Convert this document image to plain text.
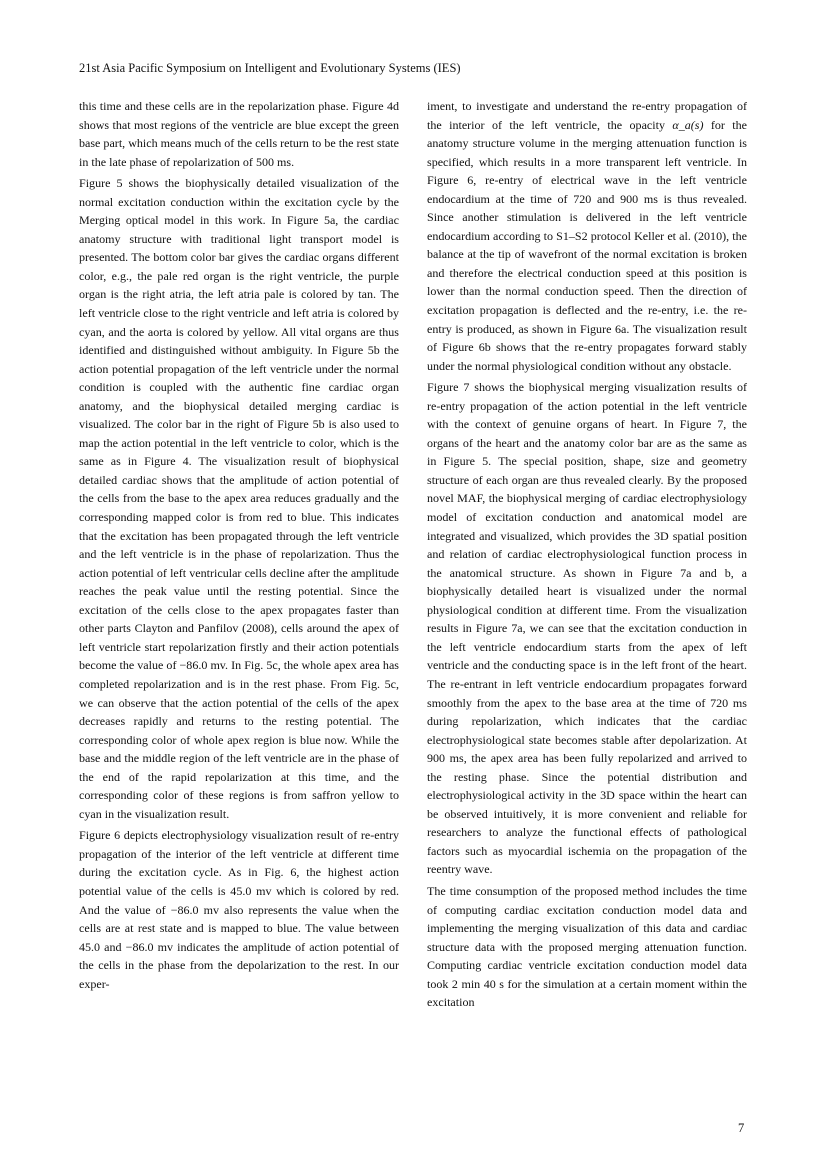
21st Asia Pacific Symposium on Intelligent and Evolutionary Systems (IES)

this time and these cells are in the repolarization phase. Figure 4d shows that most regions of the ventricle are blue except the green base part, which means much of the cells return to be the rest state in the late phase of repolarization of 500 ms.

Figure 5 shows the biophysically detailed visualization of the normal excitation conduction within the excitation cycle by the Merging optical model in this work. In Figure 5a, the cardiac anatomy structure with traditional light transport model is presented. The bottom color bar gives the cardiac organs different color, e.g., the pale red organ is the right ventricle, the purple organ is the right atria, the left atria pale is colored by tan. The left ventricle close to the right ventricle and left atria is colored by cyan, and the aorta is colored by yellow. All vital organs are thus identified and distinguished without ambiguity. In Figure 5b the action potential propagation of the left ventricle under the normal condition is coupled with the authentic fine cardiac organ anatomy, and the biophysical detailed merging cardiac is visualized. The color bar in the right of Figure 5b is also used to map the action potential in the left ventricle to color, which is the same as in Figure 4. The visualization result of biophysical detailed cardiac shows that the amplitude of action potential of the cells from the base to the apex area reduces gradually and the corresponding mapped color is from red to blue. This indicates that the excitation has been propagated through the left ventricle and the left ventricle is in the phase of repolarization. Thus the action potential of left ventricular cells decline after the amplitude reaches the peak value until the resting potential. Since the excitation of the cells close to the apex propagates faster than other parts Clayton and Panfilov (2008), cells around the apex of left ventricle start repolarization firstly and their action potentials become the value of −86.0 mv. In Fig. 5c, the whole apex area has completed repolarization and is in the rest phase. From Fig. 5c, we can observe that the action potential of the cells of the apex decreases rapidly and returns to the resting potential. The corresponding color of whole apex region is blue now. While the base and the middle region of the left ventricle are in the phase of the end of the rapid repolarization at this time, and the corresponding color of these regions is from saffron yellow to cyan in the visualization result.

Figure 6 depicts electrophysiology visualization result of re-entry propagation of the interior of the left ventricle at different time during the excitation cycle. As in Fig. 6, the highest action potential value of the cells is 45.0 mv which is colored by red. And the value of −86.0 mv also represents the value when the cells are at rest state and is mapped to blue. The value between 45.0 and −86.0 mv indicates the amplitude of action potential of the cells in the phase from the depolarization to the rest. In our exper-

iment, to investigate and understand the re-entry propagation of the interior of the left ventricle, the opacity α_a(s) for the anatomy structure volume in the merging attenuation function is specified, which results in a more transparent left ventricle. In Figure 6, re-entry of electrical wave in the left ventricle endocardium at the time of 720 and 900 ms is thus revealed. Since another stimulation is delivered in the left ventricle endocardium according to S1–S2 protocol Keller et al. (2010), the balance at the tip of wavefront of the normal excitation is broken and therefore the electrical conduction speed at this position is lower than the normal conduction speed. Then the direction of excitation propagation is deflected and the re-entry, i.e. the re-entry is produced, as shown in Figure 6a. The visualization result of Figure 6b shows that the re-entry propagates forward stably under the normal physiological condition without any obstacle.

Figure 7 shows the biophysical merging visualization results of re-entry propagation of the action potential in the left ventricle with the context of genuine organs of heart. In Figure 7, the organs of the heart and the anatomy color bar are as the same as in Figure 5. The special position, shape, size and geometry structure of each organ are thus revealed clearly. By the proposed novel MAF, the biophysical merging of cardiac electrophysiology model of excitation conduction and anatomical model are integrated and visualized, which provides the 3D spatial position and relation of cardiac electrophysiological function process in the anatomical structure. As shown in Figure 7a and b, a biophysically detailed heart is visualized under the normal physiological condition at different time. From the visualization results in Figure 7a, we can see that the excitation conduction in the left ventricle endocardium starts from the apex of left ventricle and the conducting space is in the left front of the heart. The re-entrant in left ventricle endocardium propagates forward smoothly from the apex to the base area at the time of 720 ms during repolarization, which indicates that the cardiac electrophysiological state becomes stable after depolarization. At 900 ms, the apex area has been fully repolarized and arrived to the resting phase. Since the potential distribution and electrophysiological activity in the 3D space within the heart can be observed intuitively, it is more convenient and reliable for researchers to analyze the functional effects of pathological factors such as myocardial ischemia on the propagation of the reentry wave.

The time consumption of the proposed method includes the time of computing cardiac excitation conduction model data and implementing the merging visualization of this data and cardiac structure data with the proposed merging attenuation function. Computing cardiac ventricle excitation conduction model data took 2 min 40 s for the simulation at a certain moment within the excitation

7
